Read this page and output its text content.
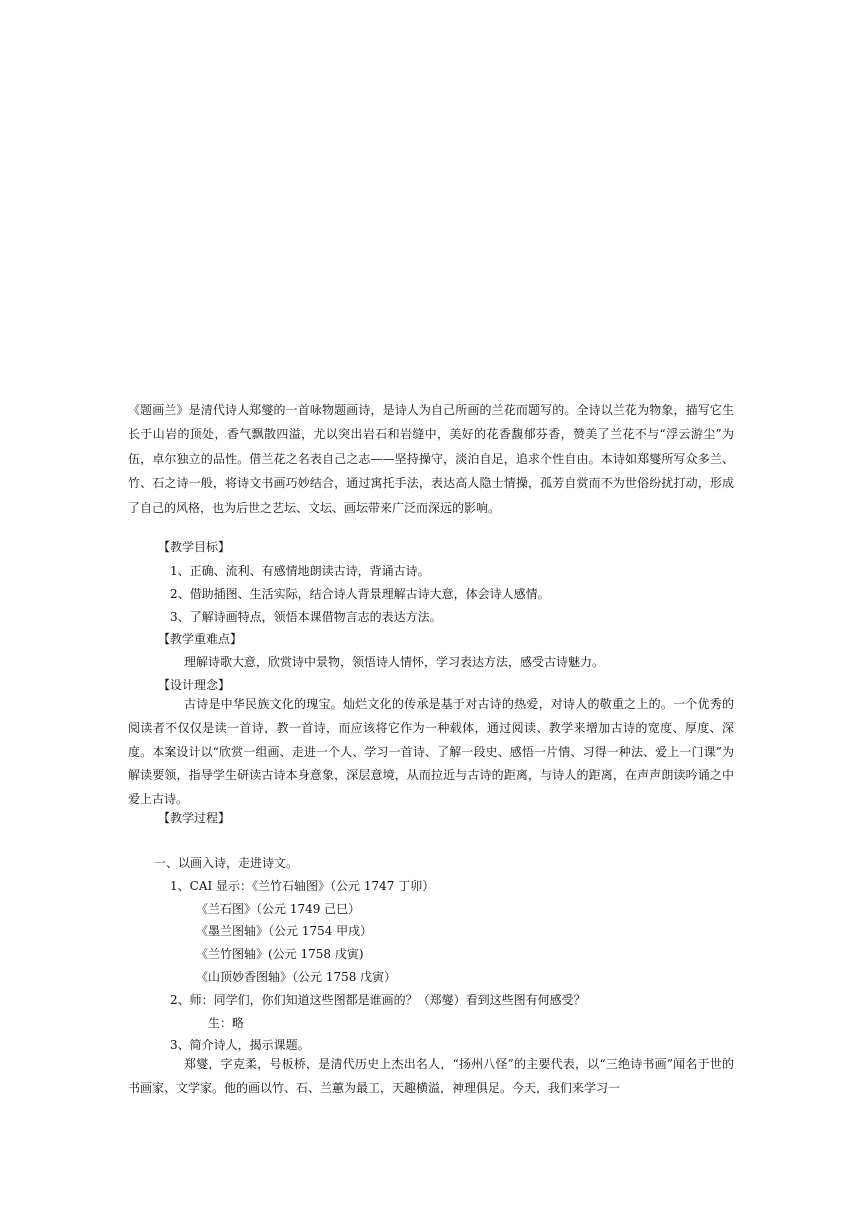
《题画兰》是清代诗人郑燮的一首咏物题画诗，是诗人为自己所画的兰花而题写的。全诗以兰花为物象，描写它生长于山岩的顶处，香气飘散四溢，尤以突出岩石和岩缝中，美好的花香馥郁芬香，赞美了兰花不与“浮云游尘”为伍，卓尔独立的品性。借兰花之名表自己之志——坚持操守，淡泊自足，追求个性自由。本诗如郑燮所写众多兰、竹、石之诗一般，将诗文书画巧妙结合，通过寓托手法，表达高人隐士情操，孤芳自赏而不为世俗纷扰打动，形成了自己的风格，也为后世之艺坛、文坛、画坛带来广泛而深远的影响。

【教学目标】

1、正确、流利、有感情地朗读古诗，背诵古诗。

2、借助插图、生活实际，结合诗人背景理解古诗大意，体会诗人感情。

3、了解诗画特点，领悟本课借物言志的表达方法。

【教学重难点】

理解诗歌大意，欣赏诗中景物，领悟诗人情怀，学习表达方法，感受古诗魅力。

【设计理念】

古诗是中华民族文化的瑰宝。灿烂文化的传承是基于对古诗的热爱，对诗人的敬重之上的。一个优秀的阅读者不仅仅是读一首诗，教一首诗，而应该将它作为一种载体，通过阅读、教学来增加古诗的宽度、厚度、深度。本案设计以“欣赏一组画、走进一个人、学习一首诗、了解一段史、感悟一片情、习得一种法、爱上一门课”为解读要领，指导学生研读古诗本身意象，深层意境，从而拉近与古诗的距离，与诗人的距离，在声声朗读吟诵之中爱上古诗。

【教学过程】

一、以画入诗，走进诗文。

1、CAI 显示：《兰竹石轴图》（公元 1747 丁卯）

《兰石图》（公元 1749 己巳）

《墨兰图轴》（公元 1754 甲戌）

《兰竹图轴》(公元 1758 戊寅)

《山顶妙香图轴》（公元 1758 戊寅）

2、师：同学们，你们知道这些图都是谁画的？（郑燮）看到这些图有何感受？

生：略

3、简介诗人，揭示课题。

郑燮，字克柔，号板桥，是清代历史上杰出名人，“扬州八怪”的主要代表，以“三绝诗书画”闻名于世的书画家、文学家。他的画以竹、石、兰蕙为最工，天趣横溢，神理俱足。今天，我们来学习一
